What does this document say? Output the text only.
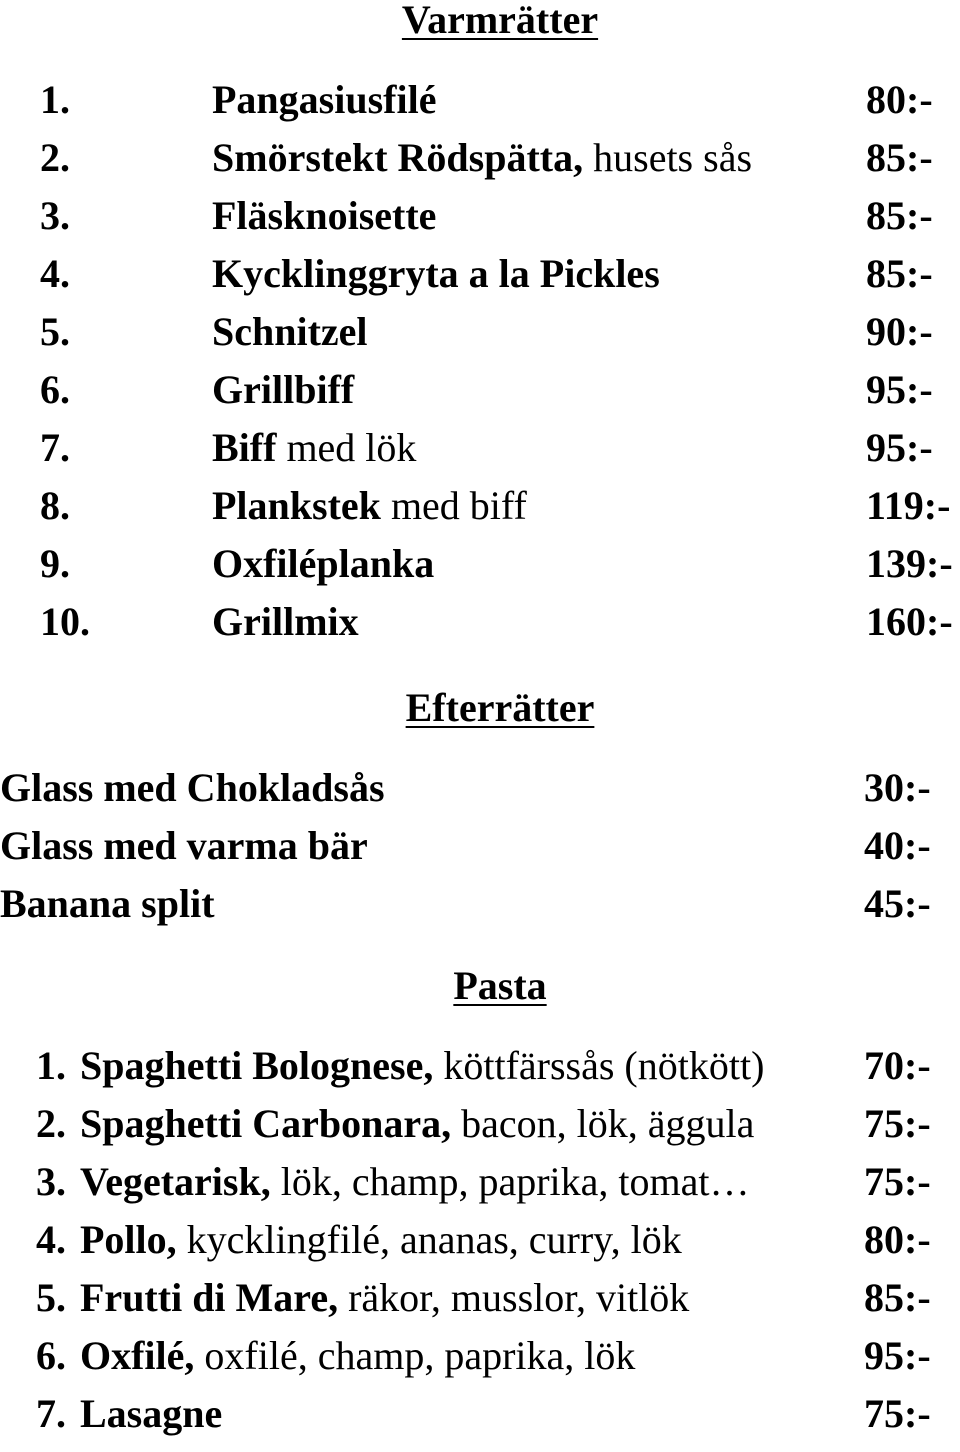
Varmrätter
1.	Pangasiusfilé	80:-
2.	Smörstekt Rödspätta, husets sås	85:-
3.	Fläsknoisette	85:-
4.	Kycklinggryta a la Pickles	85:-
5.	Schnitzel	90:-
6.	Grillbiff	95:-
7.	Biff med lök	95:-
8.	Plankstek med biff	119:-
9.	Oxfiléplanka	139:-
10.	Grillmix	160:-
Efterrätter
Glass med Chokladsås	30:-
Glass med varma bär	40:-
Banana split	45:-
Pasta
1. Spaghetti Bolognese, köttfärssås (nötkött) 70:-
2. Spaghetti Carbonara, bacon, lök, äggula	75:-
3. Vegetarisk, lök, champ, paprika, tomat…	75:-
4. Pollo, kycklingfilé, ananas, curry, lök	80:-
5. Frutti di Mare, räkor, musslor, vitlök	85:-
6. Oxfilé, oxfilé, champ, paprika, lök	95:-
7. Lasagne	75:-
